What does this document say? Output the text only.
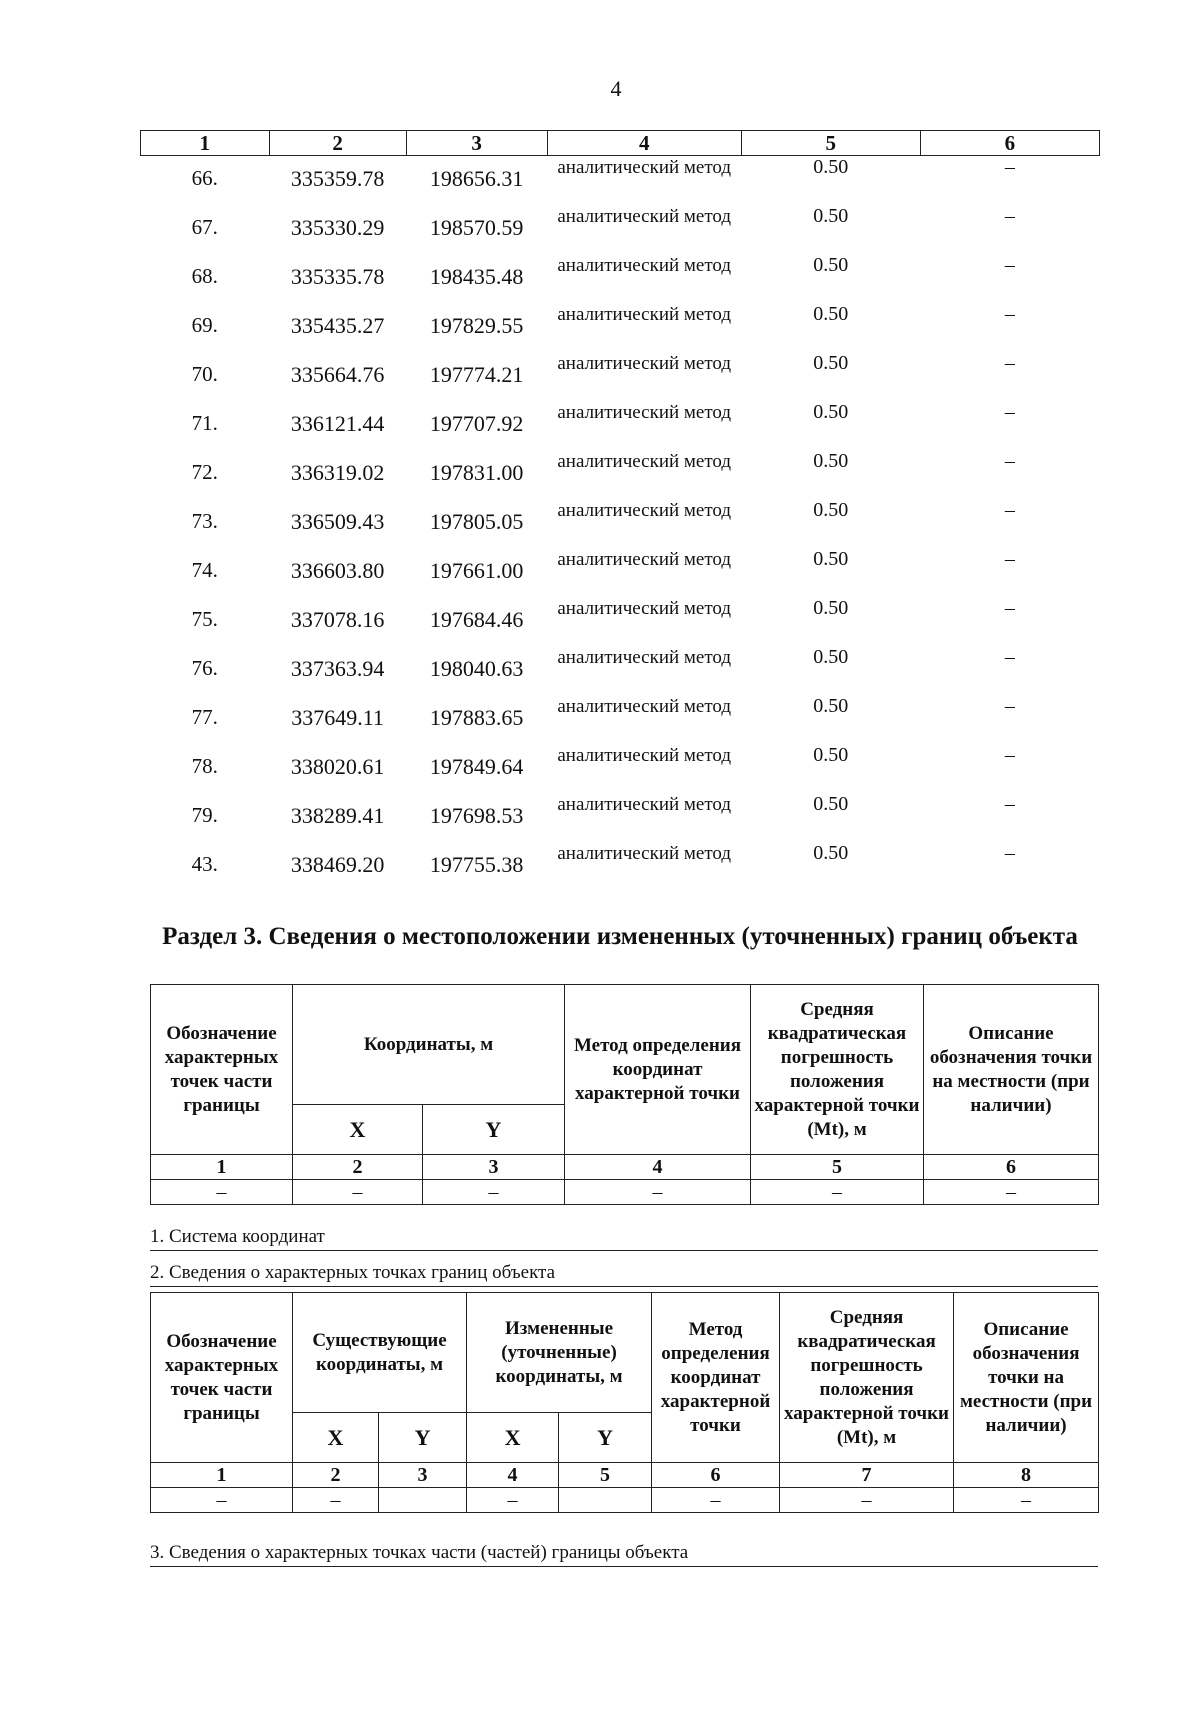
4
1	2	3	4	5	6
66.	335359.78	198656.31	аналитический метод	0.50	–
67.	335330.29	198570.59	аналитический метод	0.50	–
68.	335335.78	198435.48	аналитический метод	0.50	–
69.	335435.27	197829.55	аналитический метод	0.50	–
70.	335664.76	197774.21	аналитический метод	0.50	–
71.	336121.44	197707.92	аналитический метод	0.50	–
72.	336319.02	197831.00	аналитический метод	0.50	–
73.	336509.43	197805.05	аналитический метод	0.50	–
74.	336603.80	197661.00	аналитический метод	0.50	–
75.	337078.16	197684.46	аналитический метод	0.50	–
76.	337363.94	198040.63	аналитический метод	0.50	–
77.	337649.11	197883.65	аналитический метод	0.50	–
78.	338020.61	197849.64	аналитический метод	0.50	–
79.	338289.41	197698.53	аналитический метод	0.50	–
43.	338469.20	197755.38	аналитический метод	0.50	–
Раздел 3. Сведения о местоположении измененных (уточненных) границ объекта
Обозначение характерных точек части границы	Координаты, м		Метод определения координат характерной точки	Средняя квадратическая погрешность положения характерной точки (Mt), м	Описание обозначения точки на местности (при наличии)
	X	Y			
1	2	3	4	5	6
–	–	–	–	–	–
1. Система координат
2. Сведения о характерных точках границ объекта
Обозначение характерных точек части границы	Существующие координаты, м		Измененные (уточненные) координаты, м		Метод определения координат характерной точки	Средняя квадратическая погрешность положения характерной точки (Mt), м	Описание обозначения точки на местности (при наличии)
	X	Y	X	Y			
1	2	3	4	5	6	7	8
–	–		–		–	–	–
3. Сведения о характерных точках части (частей) границы объекта
